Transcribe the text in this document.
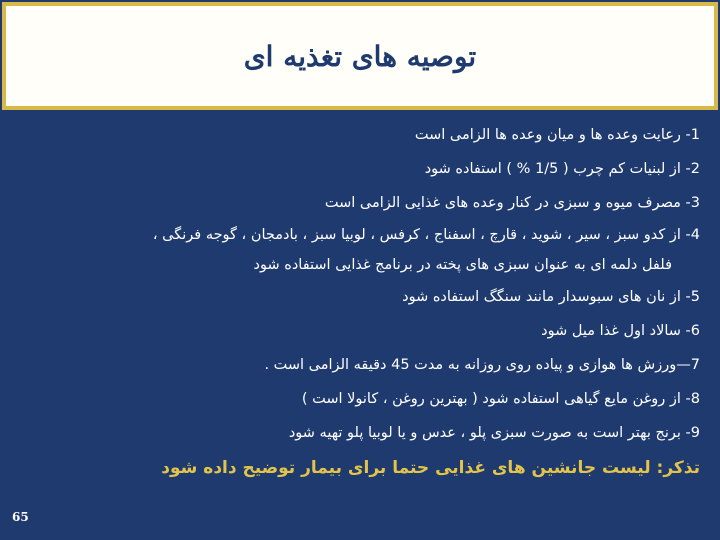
توصیه های تغذیه ای
1- رعایت وعده ها و میان وعده ها الزامی است
2- از لبنیات کم چرب ( 1/5 % ) استفاده شود
3- مصرف میوه و سبزی در کنار وعده های غذایی الزامی است
4- از کدو سبز ، سیر ، شوید ، قارچ ، اسفناج ، کرفس ، لوبیا سبز ، بادمجان ، گوجه فرنگی ،
فلفل دلمه ای به عنوان سبزی های پخته در برنامج غذایی استفاده شود
5- از نان های سبوسدار مانند سنگگ استفاده شود
6- سالاد اول غذا میل شود
7—ورزش ها هوازی و پیاده روی روزانه به مدت 45 دقیقه الزامی است .
8- از روغن مایع گیاهی استفاده شود ( بهترین روغن ، کانولا است )
9- برنج بهتر است به صورت سبزی پلو ، عدس و یا لوبیا پلو تهیه شود
تذکر: لیست جانشین های غذایی حتما برای بیمار توضیح داده شود
65
